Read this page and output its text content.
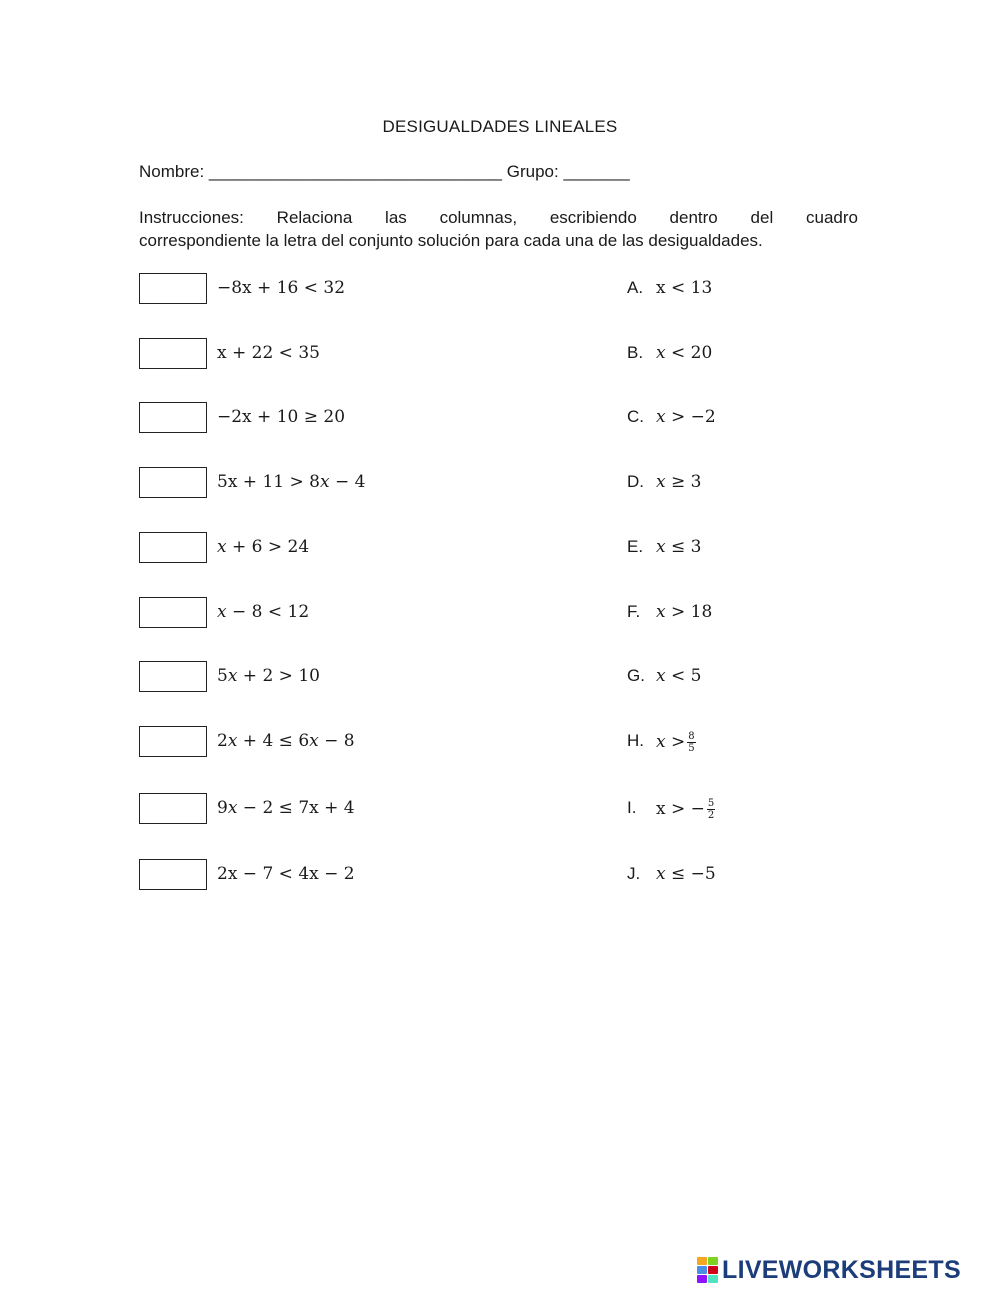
DESIGUALDADES LINEALES
Nombre: _______________________________ Grupo: _______
Instrucciones: Relaciona las columnas, escribiendo dentro del cuadro
correspondiente la letra del conjunto solución para cada una de las desigualdades.
−8x + 16 < 32	A. x < 13
x + 22 < 35	B. 𝑥 < 20
−2x + 10 ≥ 20	C. 𝑥 > −2
5x + 11 > 8𝑥 − 4	D. 𝑥 ≥ 3
𝑥 + 6 > 24	E. 𝑥 ≤ 3
𝑥 − 8 < 12	F. 𝑥 > 18
5𝑥 + 2 > 10	G. 𝑥 < 5
2𝑥 + 4 ≤ 6𝑥 − 8	H. 𝑥 > $\frac{8}{5}$
9𝑥 − 2 ≤ 7x + 4	I. x > − $\frac{5}{2}$
2x − 7 < 4x − 2	J. 𝑥 ≤ −5
LIVEWORKSHEETS
